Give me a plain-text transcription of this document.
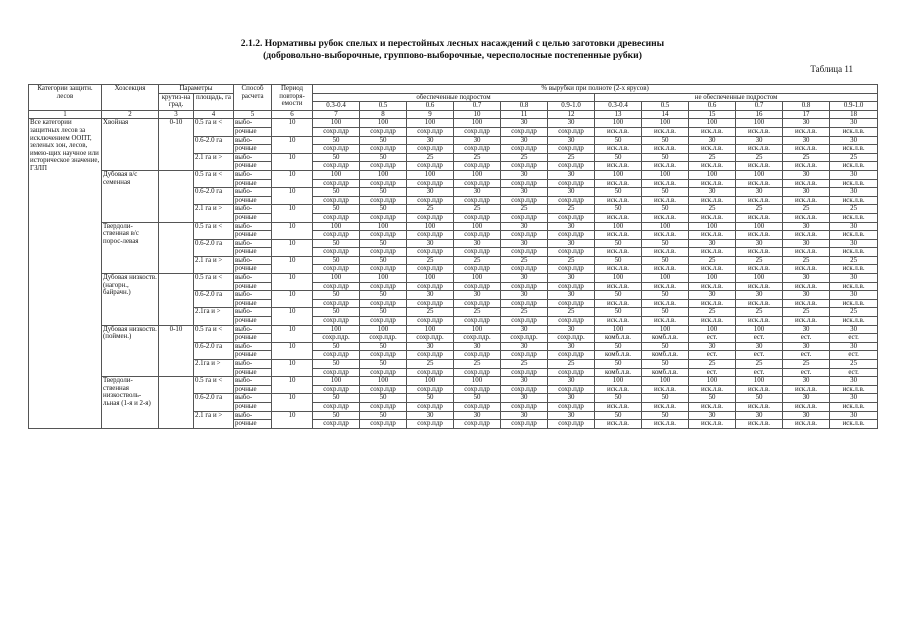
2.1.2. Нормативы рубок спелых и перестойных лесных насаждений с целью заготовки древесины
(добровольно-выборочные, группово-выборочные, чересполосные постепенные рубки)
Таблица 11
Категории защитн. лесов	Хозсекция	Параметры		Способ расчета	Период повторя-емости	% вырубки при полноте (2-х ярусов)											
		крутиз-на град.	площадь, га			обеспеченные подростом						не обеспеченные подростом					
						0.3-0.4	0.5	0.6	0.7	0.8	0.9-1.0	0.3-0.4	0.5	0.6	0.7	0.8	0.9-1.0
1	2	3	4	5	6	7	8	9	10	11	12	13	14	15	16	17	18
Все категории защитных лесов за исключением ООПТ, зеленых зон, лесов, имею-щих научное или историческое значение, ГЗЛП	Хвойная	0-10	0.5 га и <	выбо-	10	100	100	100	100	30	30	100	100	100	100	30	30
				рочные		сохр.пдр	сохр.пдр	сохр.пдр	сохр.пдр	сохр.пдр	сохр.пдр	иск.л.в.	иск.л.в.	иск.л.в.	иск.л.в.	иск.л.в.	иск.л.в.
			0.6-2.0 га	выбо-	10	50	50	30	30	30	30	50	50	30	30	30	30
				рочные		сохр.пдр	сохр.пдр	сохр.пдр	сохр.пдр	сохр.пдр	сохр.пдр	иск.л.в.	иск.л.в.	иск.л.в.	иск.л.в.	иск.л.в.	иск.л.в.
			2.1 га и >	выбо-	10	50	50	25	25	25	25	50	50	25	25	25	25
				рочные		сохр.пдр	сохр.пдр	сохр.пдр	сохр.пдр	сохр.пдр	сохр.пдр	иск.л.в.	иск.л.в.	иск.л.в.	иск.л.в.	иск.л.в.	иск.л.в.
	Дубовая в/с семенная		0.5 га и <	выбо-	10	100	100	100	100	30	30	100	100	100	100	30	30
				рочные		сохр.пдр	сохр.пдр	сохр.пдр	сохр.пдр	сохр.пдр	сохр.пдр	иск.л.в.	иск.л.в.	иск.л.в.	иск.л.в.	иск.л.в.	иск.л.в.
			0.6-2.0 га	выбо-	10	50	50	30	30	30	30	50	50	30	30	30	30
				рочные		сохр.пдр	сохр.пдр	сохр.пдр	сохр.пдр	сохр.пдр	сохр.пдр	иск.л.в.	иск.л.в.	иск.л.в.	иск.л.в.	иск.л.в.	иск.л.в.
			2.1 га и >	выбо-	10	50	50	25	25	25	25	50	50	25	25	25	25
				рочные		сохр.пдр	сохр.пдр	сохр.пдр	сохр.пдр	сохр.пдр	сохр.пдр	иск.л.в.	иск.л.в.	иск.л.в.	иск.л.в.	иск.л.в.	иск.л.в.
	Твердоли-ственная в/с порос-левая		0.5 га и <	выбо-	10	100	100	100	100	30	30	100	100	100	100	30	30
				рочные		сохр.пдр	сохр.пдр	сохр.пдр	сохр.пдр	сохр.пдр	сохр.пдр	иск.л.в.	иск.л.в.	иск.л.в.	иск.л.в.	иск.л.в.	иск.л.в.
			0.6-2.0 га	выбо-	10	50	50	30	30	30	30	50	50	30	30	30	30
				рочные		сохр.пдр	сохр.пдр	сохр.пдр	сохр.пдр	сохр.пдр	сохр.пдр	иск.л.в.	иск.л.в.	иск.л.в.	иск.л.в.	иск.л.в.	иск.л.в.
			2.1 га и >	выбо-	10	50	50	25	25	25	25	50	50	25	25	25	25
				рочные		сохр.пдр	сохр.пдр	сохр.пдр	сохр.пдр	сохр.пдр	сохр.пдр	иск.л.в.	иск.л.в.	иск.л.в.	иск.л.в.	иск.л.в.	иск.л.в.
	Дубовая низкоств. (нагорн., байрачн.)		0.5 га и <	выбо-	10	100	100	100	100	30	30	100	100	100	100	30	30
				рочные		сохр.пдр	сохр.пдр	сохр.пдр	сохр.пдр	сохр.пдр	сохр.пдр	иск.л.в.	иск.л.в.	иск.л.в.	иск.л.в.	иск.л.в.	иск.л.в.
			0.6-2.0 га	выбо-	10	50	50	30	30	30	30	50	50	30	30	30	30
				рочные		сохр.пдр	сохр.пдр	сохр.пдр	сохр.пдр	сохр.пдр	сохр.пдр	иск.л.в.	иск.л.в.	иск.л.в.	иск.л.в.	иск.л.в.	иск.л.в.
			2.1га и >	выбо-	10	50	50	25	25	25	25	50	50	25	25	25	25
				рочные		сохр.пдр	сохр.пдр	сохр.пдр	сохр.пдр	сохр.пдр	сохр.пдр	иск.л.в.	иск.л.в.	иск.л.в.	иск.л.в.	иск.л.в.	иск.л.в.
	Дубовая низкоств. (поймен.)	0-10	0.5 га и <	выбо-	10	100	100	100	100	30	30	100	100	100	100	30	30
				рочные		сохр.пдр.	сохр.пдр.	сохр.пдр.	сохр.пдр.	сохр.пдр.	сохр.пдр.	комб.л.в.	комб.л.в.	ест.	ест.	ест.	ест.
			0.6-2.0 га	выбо-	10	50	50	30	30	30	30	50	50	30	30	30	30
				рочные		сохр.пдр	сохр.пдр	сохр.пдр	сохр.пдр	сохр.пдр	сохр.пдр	комб.л.в.	комб.л.в.	ест.	ест.	ест.	ест.
			2.1га и >	выбо-	10	50	50	25	25	25	25	50	50	25	25	25	25
				рочные		сохр.пдр	сохр.пдр	сохр.пдр	сохр.пдр	сохр.пдр	сохр.пдр	комб.л.в.	комб.л.в.	ест.	ест.	ест.	ест.
	Твердоли-ственная низкостволь-льная (1-я и 2-я)		0.5 га и <	выбо-	10	100	100	100	100	30	30	100	100	100	100	30	30
				рочные		сохр.пдр	сохр.пдр	сохр.пдр	сохр.пдр	сохр.пдр	сохр.пдр	иск.л.в.	иск.л.в.	иск.л.в.	иск.л.в.	иск.л.в.	иск.л.в.
			0.6-2.0 га	выбо-	10	50	50	50	50	30	30	50	50	50	50	30	30
				рочные		сохр.пдр	сохр.пдр	сохр.пдр	сохр.пдр	сохр.пдр	сохр.пдр	иск.л.в.	иск.л.в.	иск.л.в.	иск.л.в.	иск.л.в.	иск.л.в.
			2.1 га и >	выбо-	10	50	50	30	30	30	30	50	50	30	30	30	30
				рочные		сохр.пдр	сохр.пдр	сохр.пдр	сохр.пдр	сохр.пдр	сохр.пдр	иск.л.в.	иск.л.в.	иск.л.в.	иск.л.в.	иск.л.в.	иск.л.в.
